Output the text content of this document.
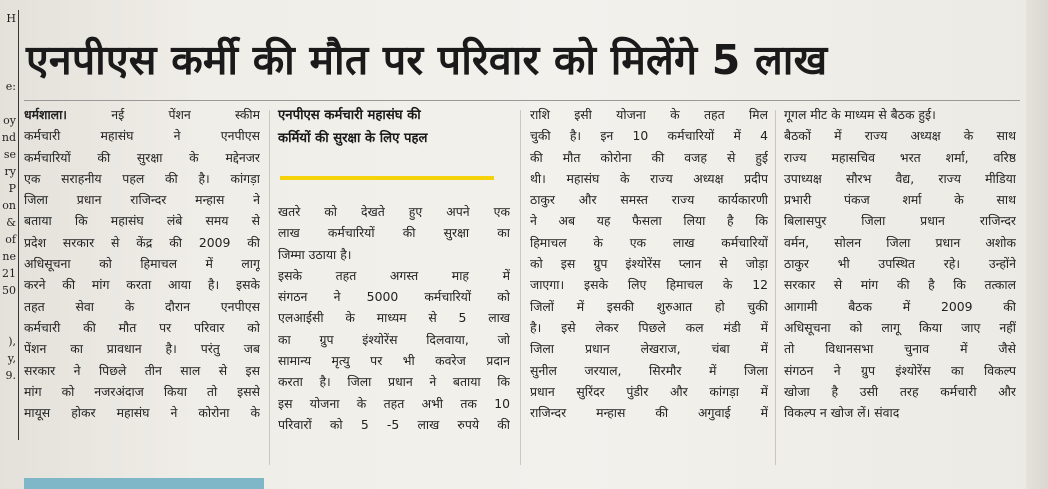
H
e:
oy
nd
se
ry
P
on
&
of
ne
21
50
),
y,
9.
एनपीएस कर्मी की मौत पर परिवार को मिलेंगे 5 लाख
धर्मशाला। नई पेंशन स्कीम
कर्मचारी महासंघ ने एनपीएस
कर्मचारियों की सुरक्षा के मद्देनजर
एक सराहनीय पहल की है। कांगड़ा
जिला प्रधान राजिन्दर मन्हास ने
बताया कि महासंघ लंबे समय से
प्रदेश सरकार से केंद्र की 2009 की
अधिसूचना को हिमाचल में लागू
करने की मांग करता आया है। इसके
तहत सेवा के दौरान एनपीएस
कर्मचारी की मौत पर परिवार को
पेंशन का प्रावधान है। परंतु जब
सरकार ने पिछले तीन साल से इस
मांग को नजरअंदाज किया तो इससे
मायूस होकर महासंघ ने कोरोना के
एनपीएस कर्मचारी महासंघ की
कर्मियों की सुरक्षा के लिए पहल
खतरे को देखते हुए अपने एक
लाख कर्मचारियों की सुरक्षा का
जिम्मा उठाया है।
इसके तहत अगस्त माह में
संगठन ने 5000 कर्मचारियों को
एलआईसी के माध्यम से 5 लाख
का ग्रुप इंश्योरेंस दिलवाया, जो
सामान्य मृत्यु पर भी कवरेज प्रदान
करता है। जिला प्रधान ने बताया कि
इस योजना के तहत अभी तक 10
परिवारों को 5 -5 लाख रुपये की
राशि इसी योजना के तहत मिल
चुकी है। इन 10 कर्मचारियों में 4
की मौत कोरोना की वजह से हुई
थी। महासंघ के राज्य अध्यक्ष प्रदीप
ठाकुर और समस्त राज्य कार्यकारणी
ने अब यह फैसला लिया है कि
हिमाचल के एक लाख कर्मचारियों
को इस ग्रुप इंश्योरेंस प्लान से जोड़ा
जाएगा। इसके लिए हिमाचल के 12
जिलों में इसकी शुरुआत हो चुकी
है। इसे लेकर पिछले कल मंडी में
जिला प्रधान लेखराज, चंबा में
सुनील जरयाल, सिरमौर में जिला
प्रधान सुरिंदर पुंडीर और कांगड़ा में
राजिन्दर मन्हास की अगुवाई में
गूगल मीट के माध्यम से बैठक हुई।
बैठकों में राज्य अध्यक्ष के साथ
राज्य महासचिव भरत शर्मा, वरिष्ठ
उपाध्यक्ष सौरभ वैद्य, राज्य मीडिया
प्रभारी पंकज शर्मा के साथ
बिलासपुर जिला प्रधान राजिन्दर
वर्मन, सोलन जिला प्रधान अशोक
ठाकुर भी उपस्थित रहे। उन्होंने
सरकार से मांग की है कि तत्काल
आगामी बैठक में 2009 की
अधिसूचना को लागू किया जाए नहीं
तो विधानसभा चुनाव में जैसे
संगठन ने ग्रुप इंश्योरेंस का विकल्प
खोजा है उसी तरह कर्मचारी और
विकल्प न खोज लें। संवाद
